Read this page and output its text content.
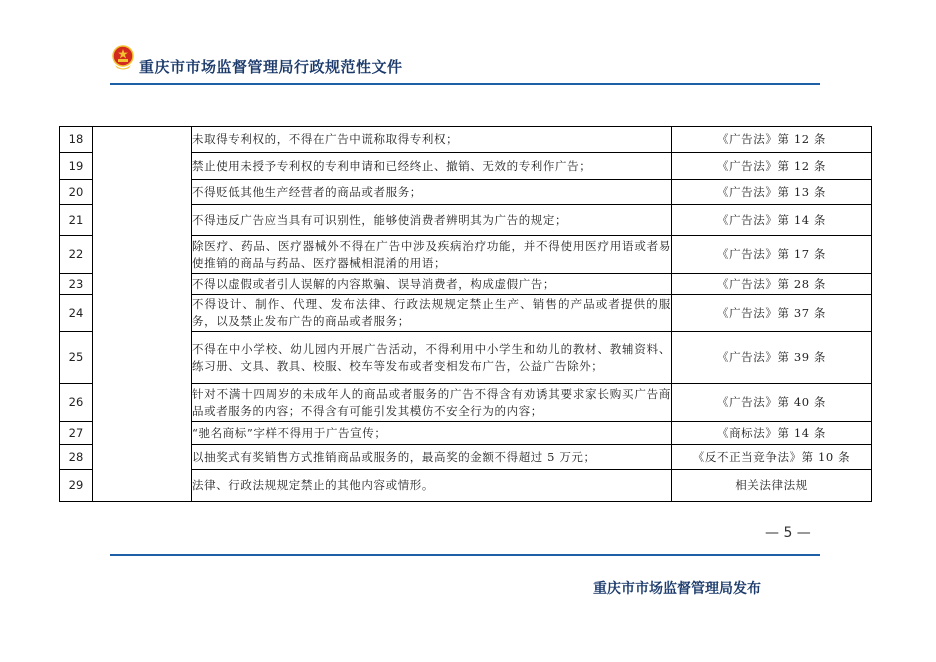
重庆市市场监督管理局行政规范性文件
18		未取得专利权的，不得在广告中谎称取得专利权；	《广告法》第 12 条
19		禁止使用未授予专利权的专利申请和已经终止、撤销、无效的专利作广告；	《广告法》第 12 条
20		不得贬低其他生产经营者的商品或者服务；	《广告法》第 13 条
21		不得违反广告应当具有可识别性，能够使消费者辨明其为广告的规定；	《广告法》第 14 条
22		除医疗、药品、医疗器械外不得在广告中涉及疾病治疗功能，并不得使用医疗用语或者易使推销的商品与药品、医疗器械相混淆的用语；	《广告法》第 17 条
23		不得以虚假或者引人误解的内容欺骗、误导消费者，构成虚假广告；	《广告法》第 28 条
24		不得设计、制作、代理、发布法律、行政法规规定禁止生产、销售的产品或者提供的服务，以及禁止发布广告的商品或者服务；	《广告法》第 37 条
25		不得在中小学校、幼儿园内开展广告活动，不得利用中小学生和幼儿的教材、教辅资料、练习册、文具、教具、校服、校车等发布或者变相发布广告，公益广告除外；	《广告法》第 39 条
26		针对不满十四周岁的未成年人的商品或者服务的广告不得含有劝诱其要求家长购买广告商品或者服务的内容；不得含有可能引发其模仿不安全行为的内容；	《广告法》第 40 条
27		“驰名商标”字样不得用于广告宣传；	《商标法》第 14 条
28		以抽奖式有奖销售方式推销商品或服务的，最高奖的金额不得超过 5 万元；	《反不正当竞争法》第 10 条
29		法律、行政法规规定禁止的其他内容或情形。	相关法律法规
— 5 —
重庆市市场监督管理局发布
